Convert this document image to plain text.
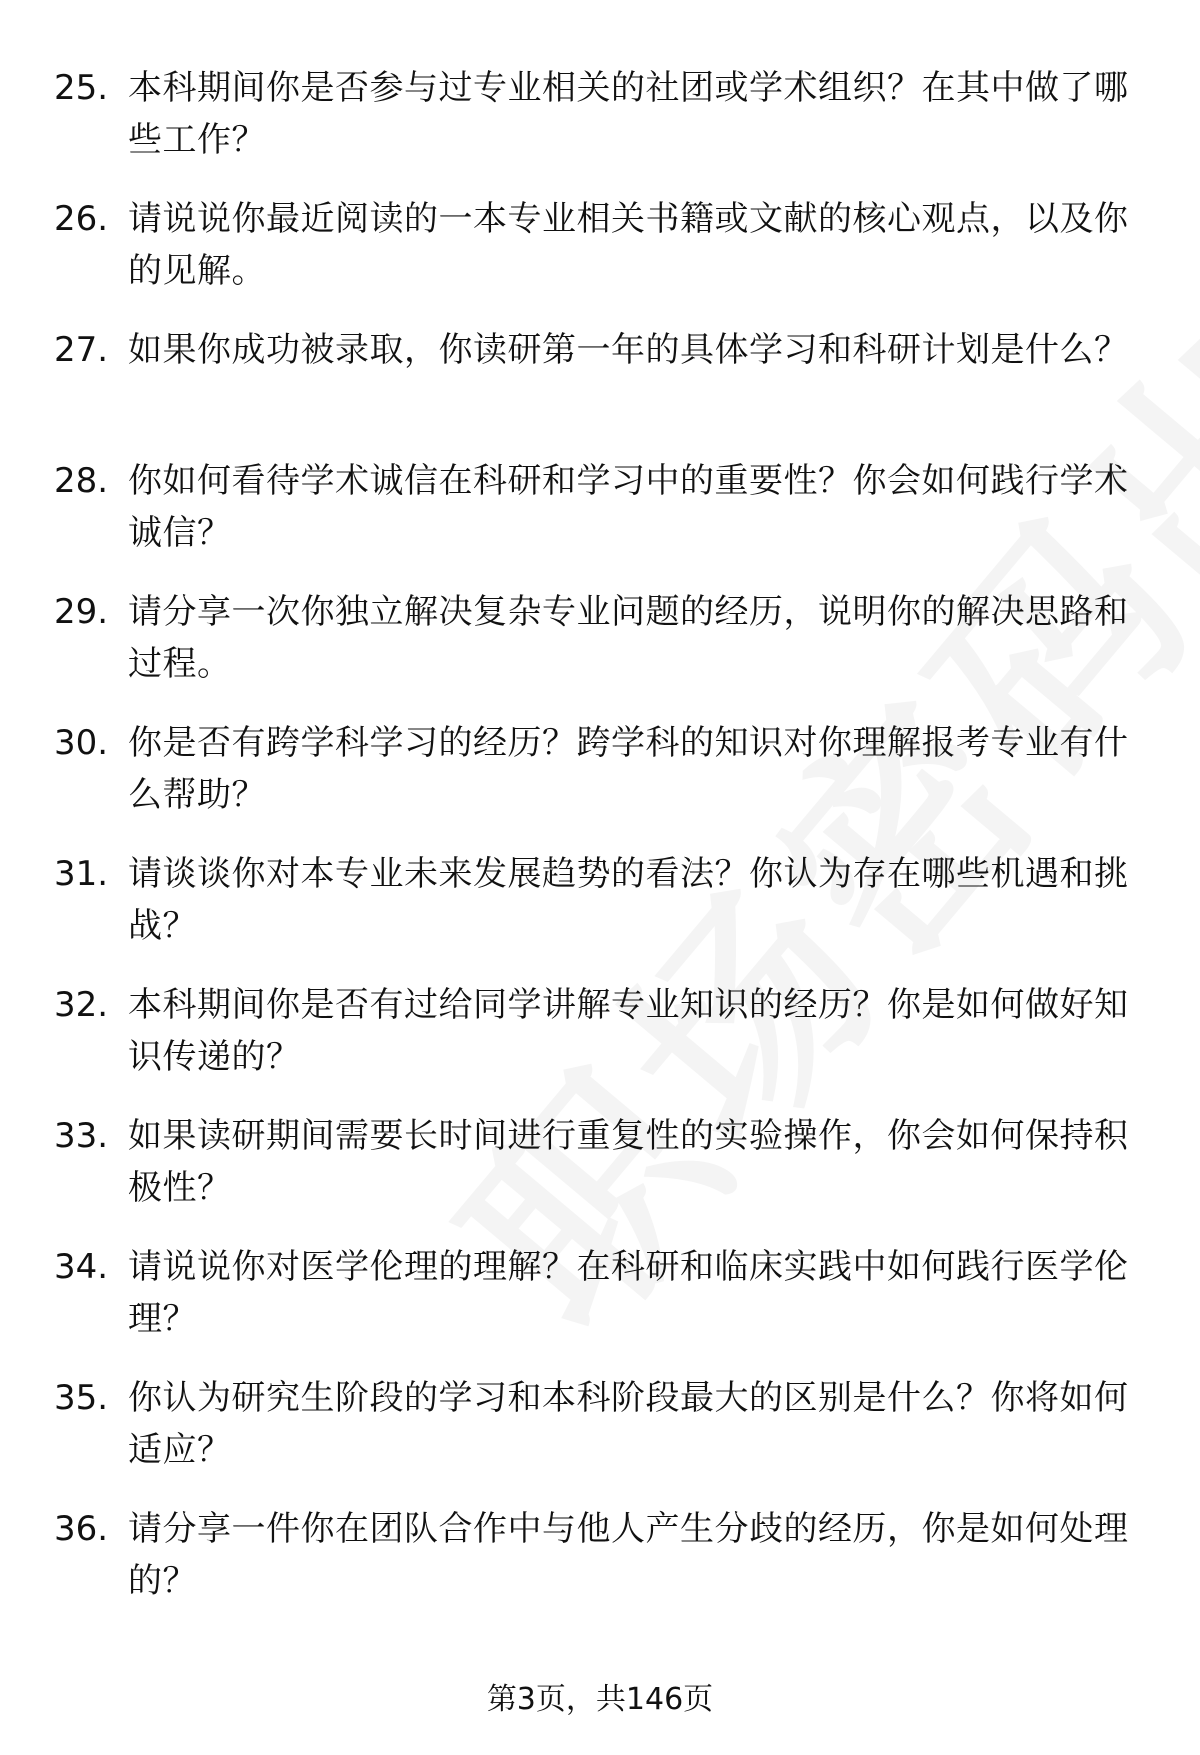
25. 本科期间你是否参与过专业相关的社团或学术组织？在其中做了哪些工作？
26. 请说说你最近阅读的一本专业相关书籍或文献的核心观点，以及你的见解。
27. 如果你成功被录取，你读研第一年的具体学习和科研计划是什么？
28. 你如何看待学术诚信在科研和学习中的重要性？你会如何践行学术诚信？
29. 请分享一次你独立解决复杂专业问题的经历，说明你的解决思路和过程。
30. 你是否有跨学科学习的经历？跨学科的知识对你理解报考专业有什么帮助？
31. 请谈谈你对本专业未来发展趋势的看法？你认为存在哪些机遇和挑战？
32. 本科期间你是否有过给同学讲解专业知识的经历？你是如何做好知识传递的？
33. 如果读研期间需要长时间进行重复性的实验操作，你会如何保持积极性？
34. 请说说你对医学伦理的理解？在科研和临床实践中如何践行医学伦理？
35. 你认为研究生阶段的学习和本科阶段最大的区别是什么？你将如何适应？
36. 请分享一件你在团队合作中与他人产生分歧的经历，你是如何处理的？
第3页，共146页
